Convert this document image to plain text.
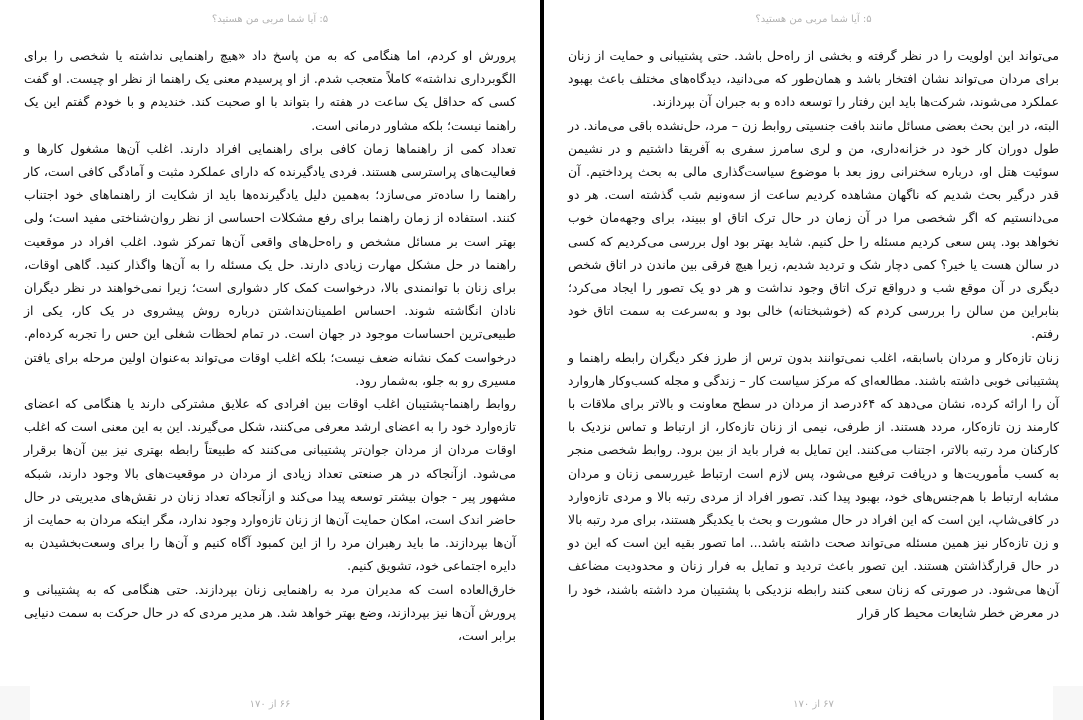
۵: آیا شما مربی من هستید؟

پرورش او کردم، اما هنگامی که به من پاسخ داد «هیچ راهنمایی نداشته یا شخصی را برای الگوبرداری نداشته» کاملاً متعجب شدم. از او پرسیدم معنی یک راهنما از نظر او چیست. او گفت کسی که حداقل یک ساعت در هفته را بتواند با او صحبت کند. خندیدم و با خودم گفتم این یک راهنما نیست؛ بلکه مشاور درمانی است.

تعداد کمی از راهنماها زمان کافی برای راهنمایی افراد دارند. اغلب آن‌ها مشغول کارها و فعالیت‌های پراسترسی هستند. فردی یادگیرنده که دارای عملکرد مثبت و آمادگی کافی است، کار راهنما را ساده‌تر می‌سازد؛ به‌همین دلیل یادگیرنده‌ها باید از شکایت از راهنماهای خود اجتناب کنند. استفاده از زمان راهنما برای رفع مشکلات احساسی از نظر روان‌شناختی مفید است؛ ولی بهتر است بر مسائل مشخص و راه‌حل‌های واقعی آن‌ها تمرکز شود. اغلب افراد در موقعیت راهنما در حل مشکل مهارت زیادی دارند. حل یک مسئله را به آن‌ها واگذار کنید. گاهی اوقات، برای زنان با توانمندی بالا، درخواست کمک کار دشواری است؛ زیرا نمی‌خواهند در نظر دیگران نادان انگاشته شوند. احساس اطمینان‌نداشتن درباره روش پیشروی در یک کار، یکی از طبیعی‌ترین احساسات موجود در جهان است. در تمام لحظات شغلی این حس را تجربه کرده‌ام. درخواست کمک نشانه ضعف نیست؛ بلکه اغلب اوقات می‌تواند به‌عنوان اولین مرحله برای یافتن مسیری رو به جلو، به‌شمار رود.

روابط راهنما-پشتیبان اغلب اوقات بین افرادی که علایق مشترکی دارند یا هنگامی که اعضای تازه‌وارد خود را به اعضای ارشد معرفی می‌کنند، شکل می‌گیرند. این به این معنی است که اغلب اوقات مردان از مردان جوان‌تر پشتیبانی می‌کنند که طبیعتاً رابطه بهتری نیز بین آن‌ها برقرار می‌شود. ازآنجاکه در هر صنعتی تعداد زیادی از مردان در موقعیت‌های بالا وجود دارند، شبکه مشهور پیر - جوان بیشتر توسعه پیدا می‌کند و ازآنجاکه تعداد زنان در نقش‌های مدیریتی در حال حاضر اندک است، امکان حمایت آن‌ها از زنان تازه‌وارد وجود ندارد، مگر اینکه مردان به حمایت از آن‌ها بپردازند. ما باید رهبران مرد را از این کمبود آگاه کنیم و آن‌ها را برای وسعت‌بخشیدن به دایره اجتماعی خود، تشویق کنیم.

خارق‌العاده است که مدیران مرد به راهنمایی زنان بپردازند. حتی هنگامی که به پشتیبانی و پرورش آن‌ها نیز بپردازند، وضع بهتر خواهد شد. هر مدیر مردی که در حال حرکت به سمت دنیایی برابر است،

۶۶ از ۱۷۰
۵: آیا شما مربی من هستید؟

می‌تواند این اولویت را در نظر گرفته و بخشی از راه‌حل باشد. حتی پشتیبانی و حمایت از زنان برای مردان می‌تواند نشان افتخار باشد و همان‌طور که می‌دانید، دیدگاه‌های مختلف باعث بهبود عملکرد می‌شوند، شرکت‌ها باید این رفتار را توسعه داده و به جبران آن بپردازند.

البته، در این بحث بعضی مسائل مانند بافت جنسیتی روابط زن – مرد، حل‌نشده باقی می‌ماند. در طول دوران کار خود در خزانه‌داری، من و لری سامرز سفری به آفریقا داشتیم و در نشیمن سوئیت هتل او، درباره سخنرانی روز بعد با موضوع سیاست‌گذاری مالی به بحث پرداختیم. آن قدر درگیر بحث شدیم که ناگهان مشاهده کردیم ساعت از سه‌ونیم شب گذشته است. هر دو می‌دانستیم که اگر شخصی مرا در آن زمان در حال ترک اتاق او ببیند، برای وجهه‌مان خوب نخواهد بود. پس سعی کردیم مسئله را حل کنیم. شاید بهتر بود اول بررسی می‌کردیم که کسی در سالن هست یا خیر؟ کمی دچار شک و تردید شدیم، زیرا هیچ فرقی بین ماندن در اتاق شخص دیگری در آن موقع شب و درواقع ترک اتاق وجود نداشت و هر دو یک تصور را ایجاد می‌کرد؛ بنابراین من سالن را بررسی کردم که (خوشبختانه) خالی بود و به‌سرعت به سمت اتاق خود رفتم.

زنان تازه‌کار و مردان باسابقه، اغلب نمی‌توانند بدون ترس از طرز فکر دیگران رابطه راهنما و پشتیبانی خوبی داشته باشند. مطالعه‌ای که مرکز سیاست کار – زندگی و مجله کسب‌وکار هاروارد آن را ارائه کرده، نشان می‌دهد که ۶۴درصد از مردان در سطح معاونت و بالاتر برای ملاقات با کارمند زن تازه‌کار، مردد هستند. از طرفی، نیمی از زنان تازه‌کار، از ارتباط و تماس نزدیک با کارکنان مرد رتبه بالاتر، اجتناب می‌کنند. این تمایل به فرار باید از بین برود. روابط شخصی منجر به کسب مأموریت‌ها و دریافت ترفیع می‌شود، پس لازم است ارتباط غیررسمی زنان و مردان مشابه ارتباط با هم‌جنس‌های خود، بهبود پیدا کند. تصور افراد از مردی رتبه بالا و مردی تازه‌وارد در کافی‌شاپ، این است که این افراد در حال مشورت و بحث با یکدیگر هستند، برای مرد رتبه بالا و زن تازه‌کار نیز همین مسئله می‌تواند صحت داشته باشد... اما تصور بقیه این است که این دو در حال قرارگذاشتن هستند. این تصور باعث تردید و تمایل به فرار زنان و محدودیت مضاعف آن‌ها می‌شود. در صورتی که زنان سعی کنند رابطه نزدیکی با پشتیبان مرد داشته باشند، خود را در معرض خطر شایعات محیط کار قرار

۶۷ از ۱۷۰
